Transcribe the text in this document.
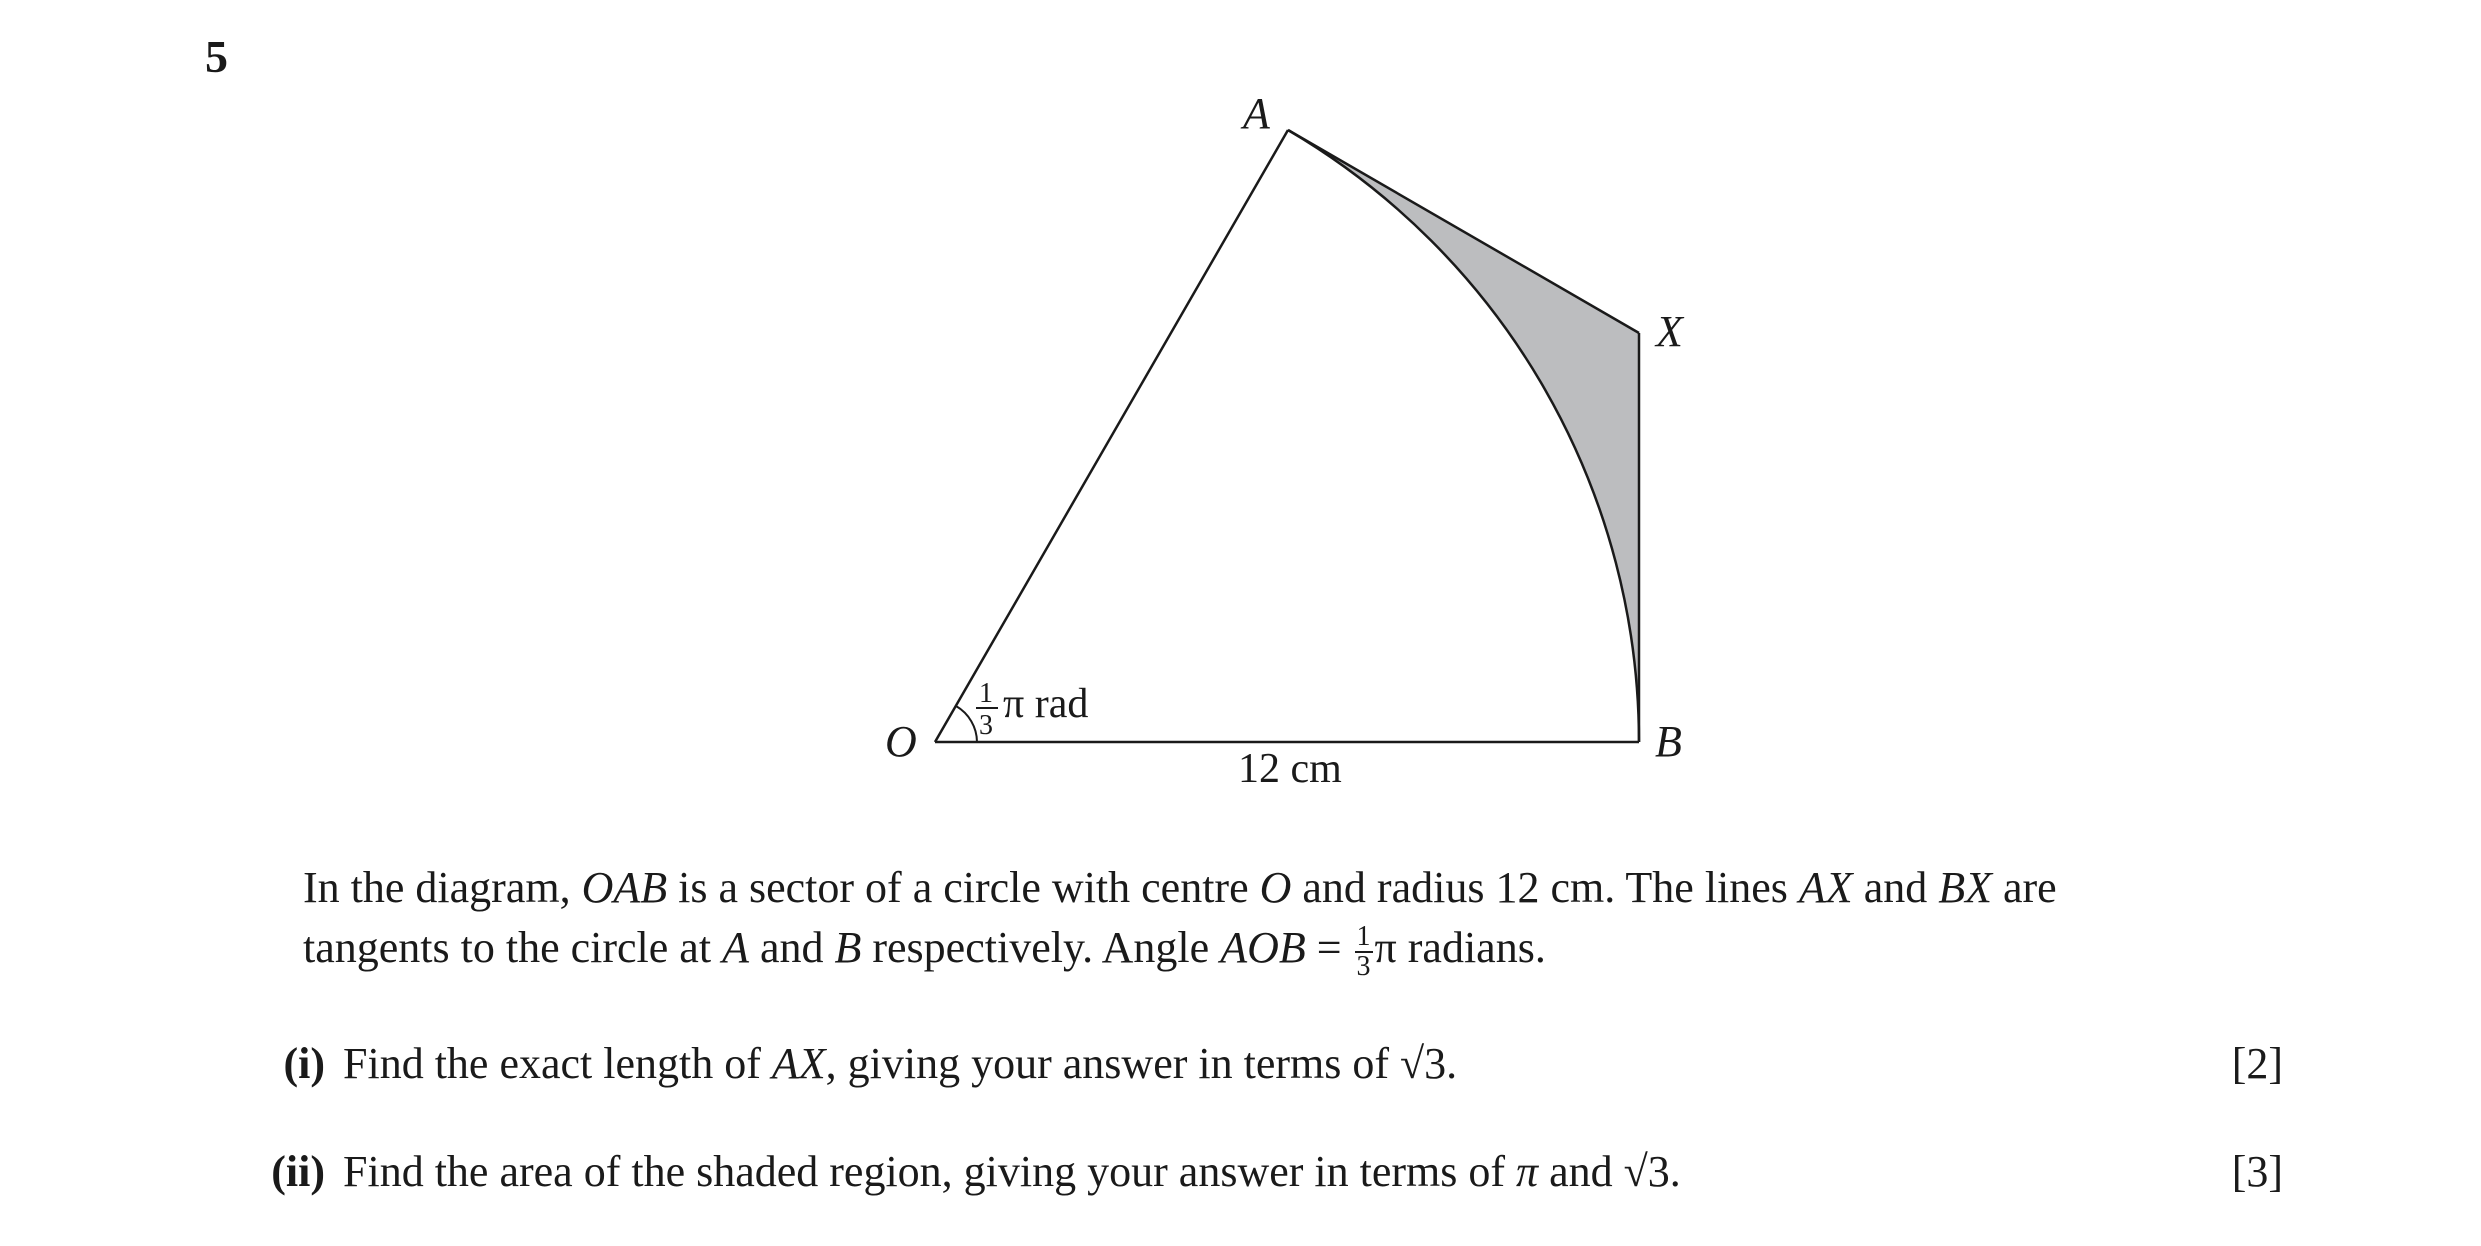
5
A
X
O	B
1
3 π rad
12 cm
In the diagram, OAB is a sector of a circle with centre O and radius 12 cm. The lines AX and BX are
tangents to the circle at A and B respectively. Angle AOB = $\frac{1}{3}$ π radians.
(i) Find the exact length of AX, giving your answer in terms of √3.	[2]
(ii) Find the area of the shaded region, giving your answer in terms of π and √3.	[3]
